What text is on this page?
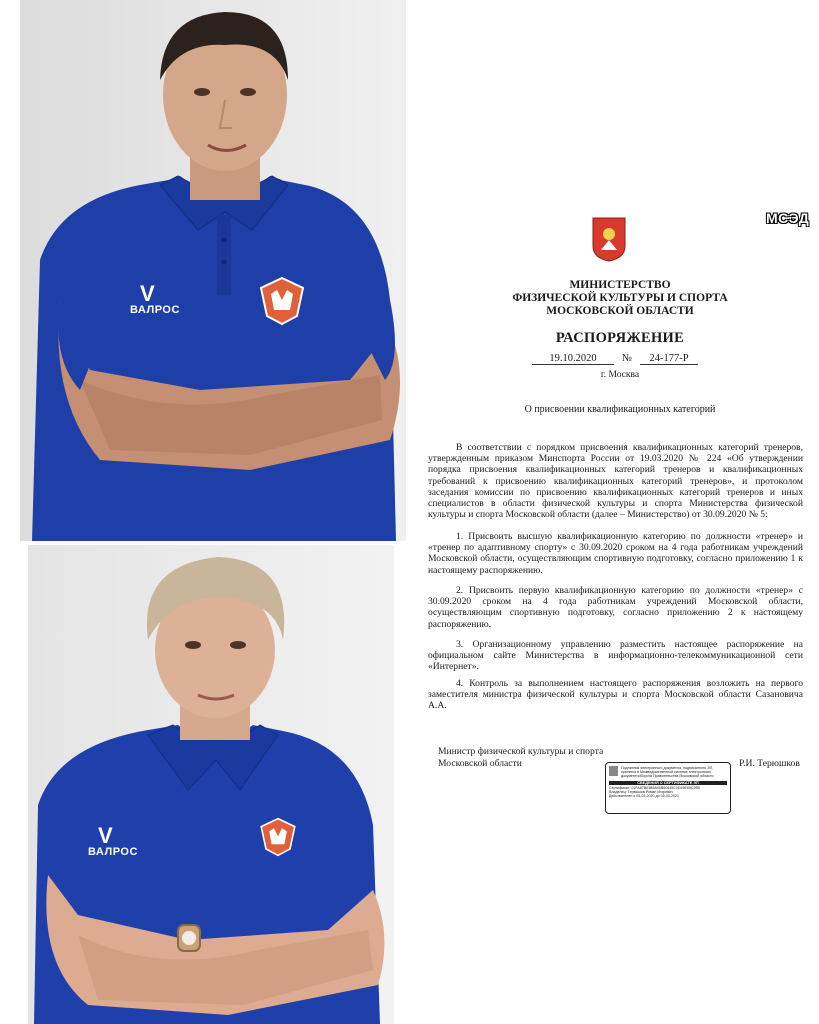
V
ВАЛРОС
V
ВАЛРОС
МСЭД
МИНИСТЕРСТВО
ФИЗИЧЕСКОЙ КУЛЬТУРЫ И СПОРТА
МОСКОВСКОЙ ОБЛАСТИ
РАСПОРЯЖЕНИЕ
19.10.2020	№	24-177-Р
г. Москва
О присвоении квалификационных категорий

В соответствии с порядком присвоения квалификационных категорий тренеров, утвержденным приказом Минспорта России от 19.03.2020 № 224 «Об утверждении порядка присвоения квалификационных категорий тренеров и квалификационных требований к присвоению квалификационных категорий тренеров», и протоколом заседания комиссии по присвоению квалификационных категорий тренеров и иных специалистов в области физической культуры и спорта Министерства физической культуры и спорта Московской области (далее – Министерство) от 30.09.2020 № 5:

1. Присвоить высшую квалификационную категорию по должности «тренер» и «тренер по адаптивному спорту» с 30.09.2020 сроком на 4 года работникам учреждений Московской области, осуществляющим спортивную подготовку, согласно приложению 1 к настоящему распоряжению.

2. Присвоить первую квалификационную категорию по должности «тренер» с 30.09.2020 сроком на 4 года работникам учреждений Московской области, осуществляющим спортивную подготовку, согласно приложению 2 к настоящему распоряжению.

3. Организационному управлению разместить настоящее распоряжение на официальном сайте Министерства в информационно-телекоммуникационной сети «Интернет».

4. Контроль за выполнением настоящего распоряжения возложить на первого заместителя министра физической культуры и спорта Московской области Сазановича А.А.

Министр физической культуры и спорта
Московской области	Р.И. Терюшков
Подлинник электронного документа, подписанного ЭП, хранится в Межведомственной системе электронного документооборота Правительства Московской области
СВЕДЕНИЯ О СЕРТИФИКАТЕ ЭП
Сертификат: 01FA87B03B9A90B60445C0D49E65C2B0
Владелец: Терюшков Роман Игоревич
Действителен с 05-03-2020 до 05-03-2021
